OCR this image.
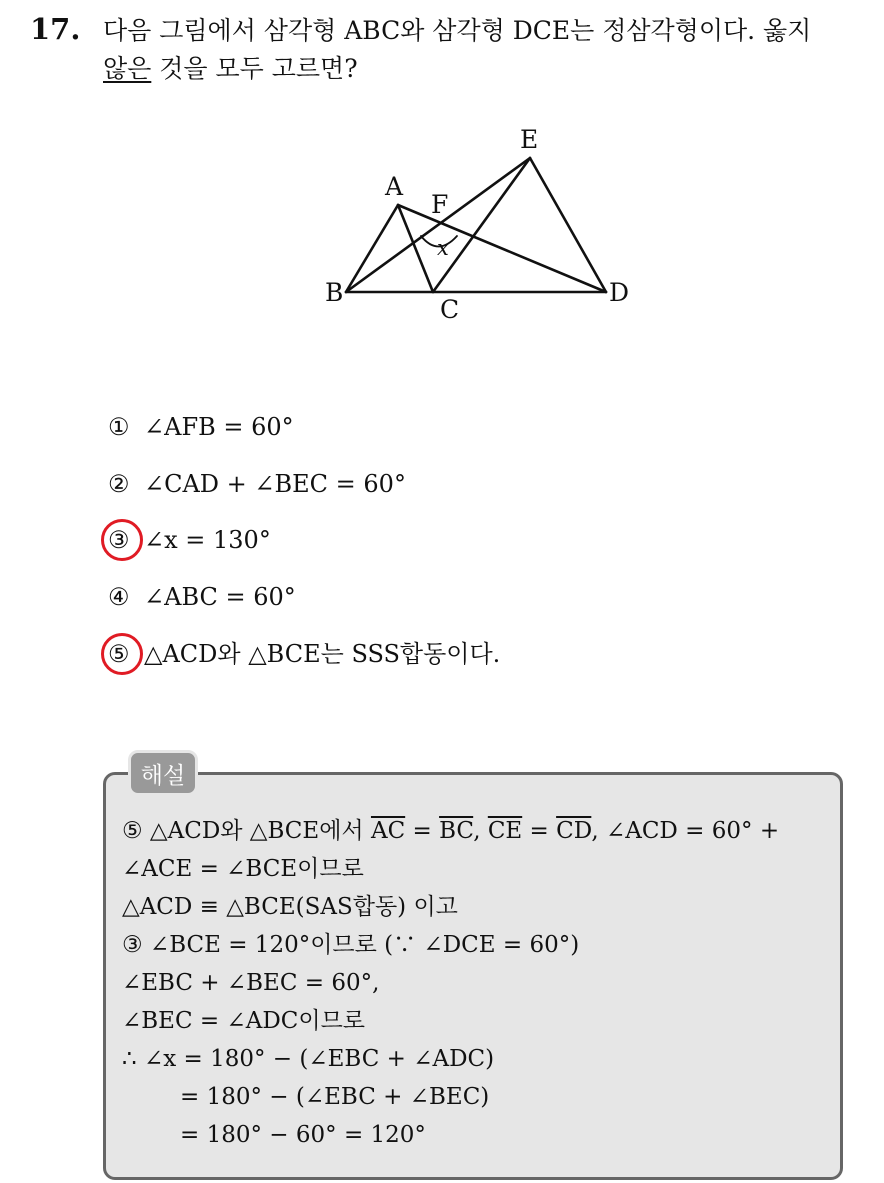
17. 다음 그림에서 삼각형 ABC와 삼각형 DCE는 정삼각형이다. 옳지
않은 것을 모두 고르면?
A
F
E
B
C
D
x
① ∠AFB = 60°
② ∠CAD + ∠BEC = 60°
③ ∠x = 130°
④ ∠ABC = 60°
⑤ △ACD와 △BCE는 SSS합동이다.
해설
⑤ △ACD와 △BCE에서 $\overline{AC} = \overline{BC}$, $\overline{CE} = \overline{CD}$, ∠ACD = 60° +
∠ACE = ∠BCE이므로
△ACD ≡ △BCE(SAS합동) 이고
③ ∠BCE = 120°이므로 (∵ ∠DCE = 60°)
∠EBC + ∠BEC = 60°,
∠BEC = ∠ADC이므로
∴ ∠x = 180° − (∠EBC + ∠ADC)
= 180° − (∠EBC + ∠BEC)
= 180° − 60° = 120°
